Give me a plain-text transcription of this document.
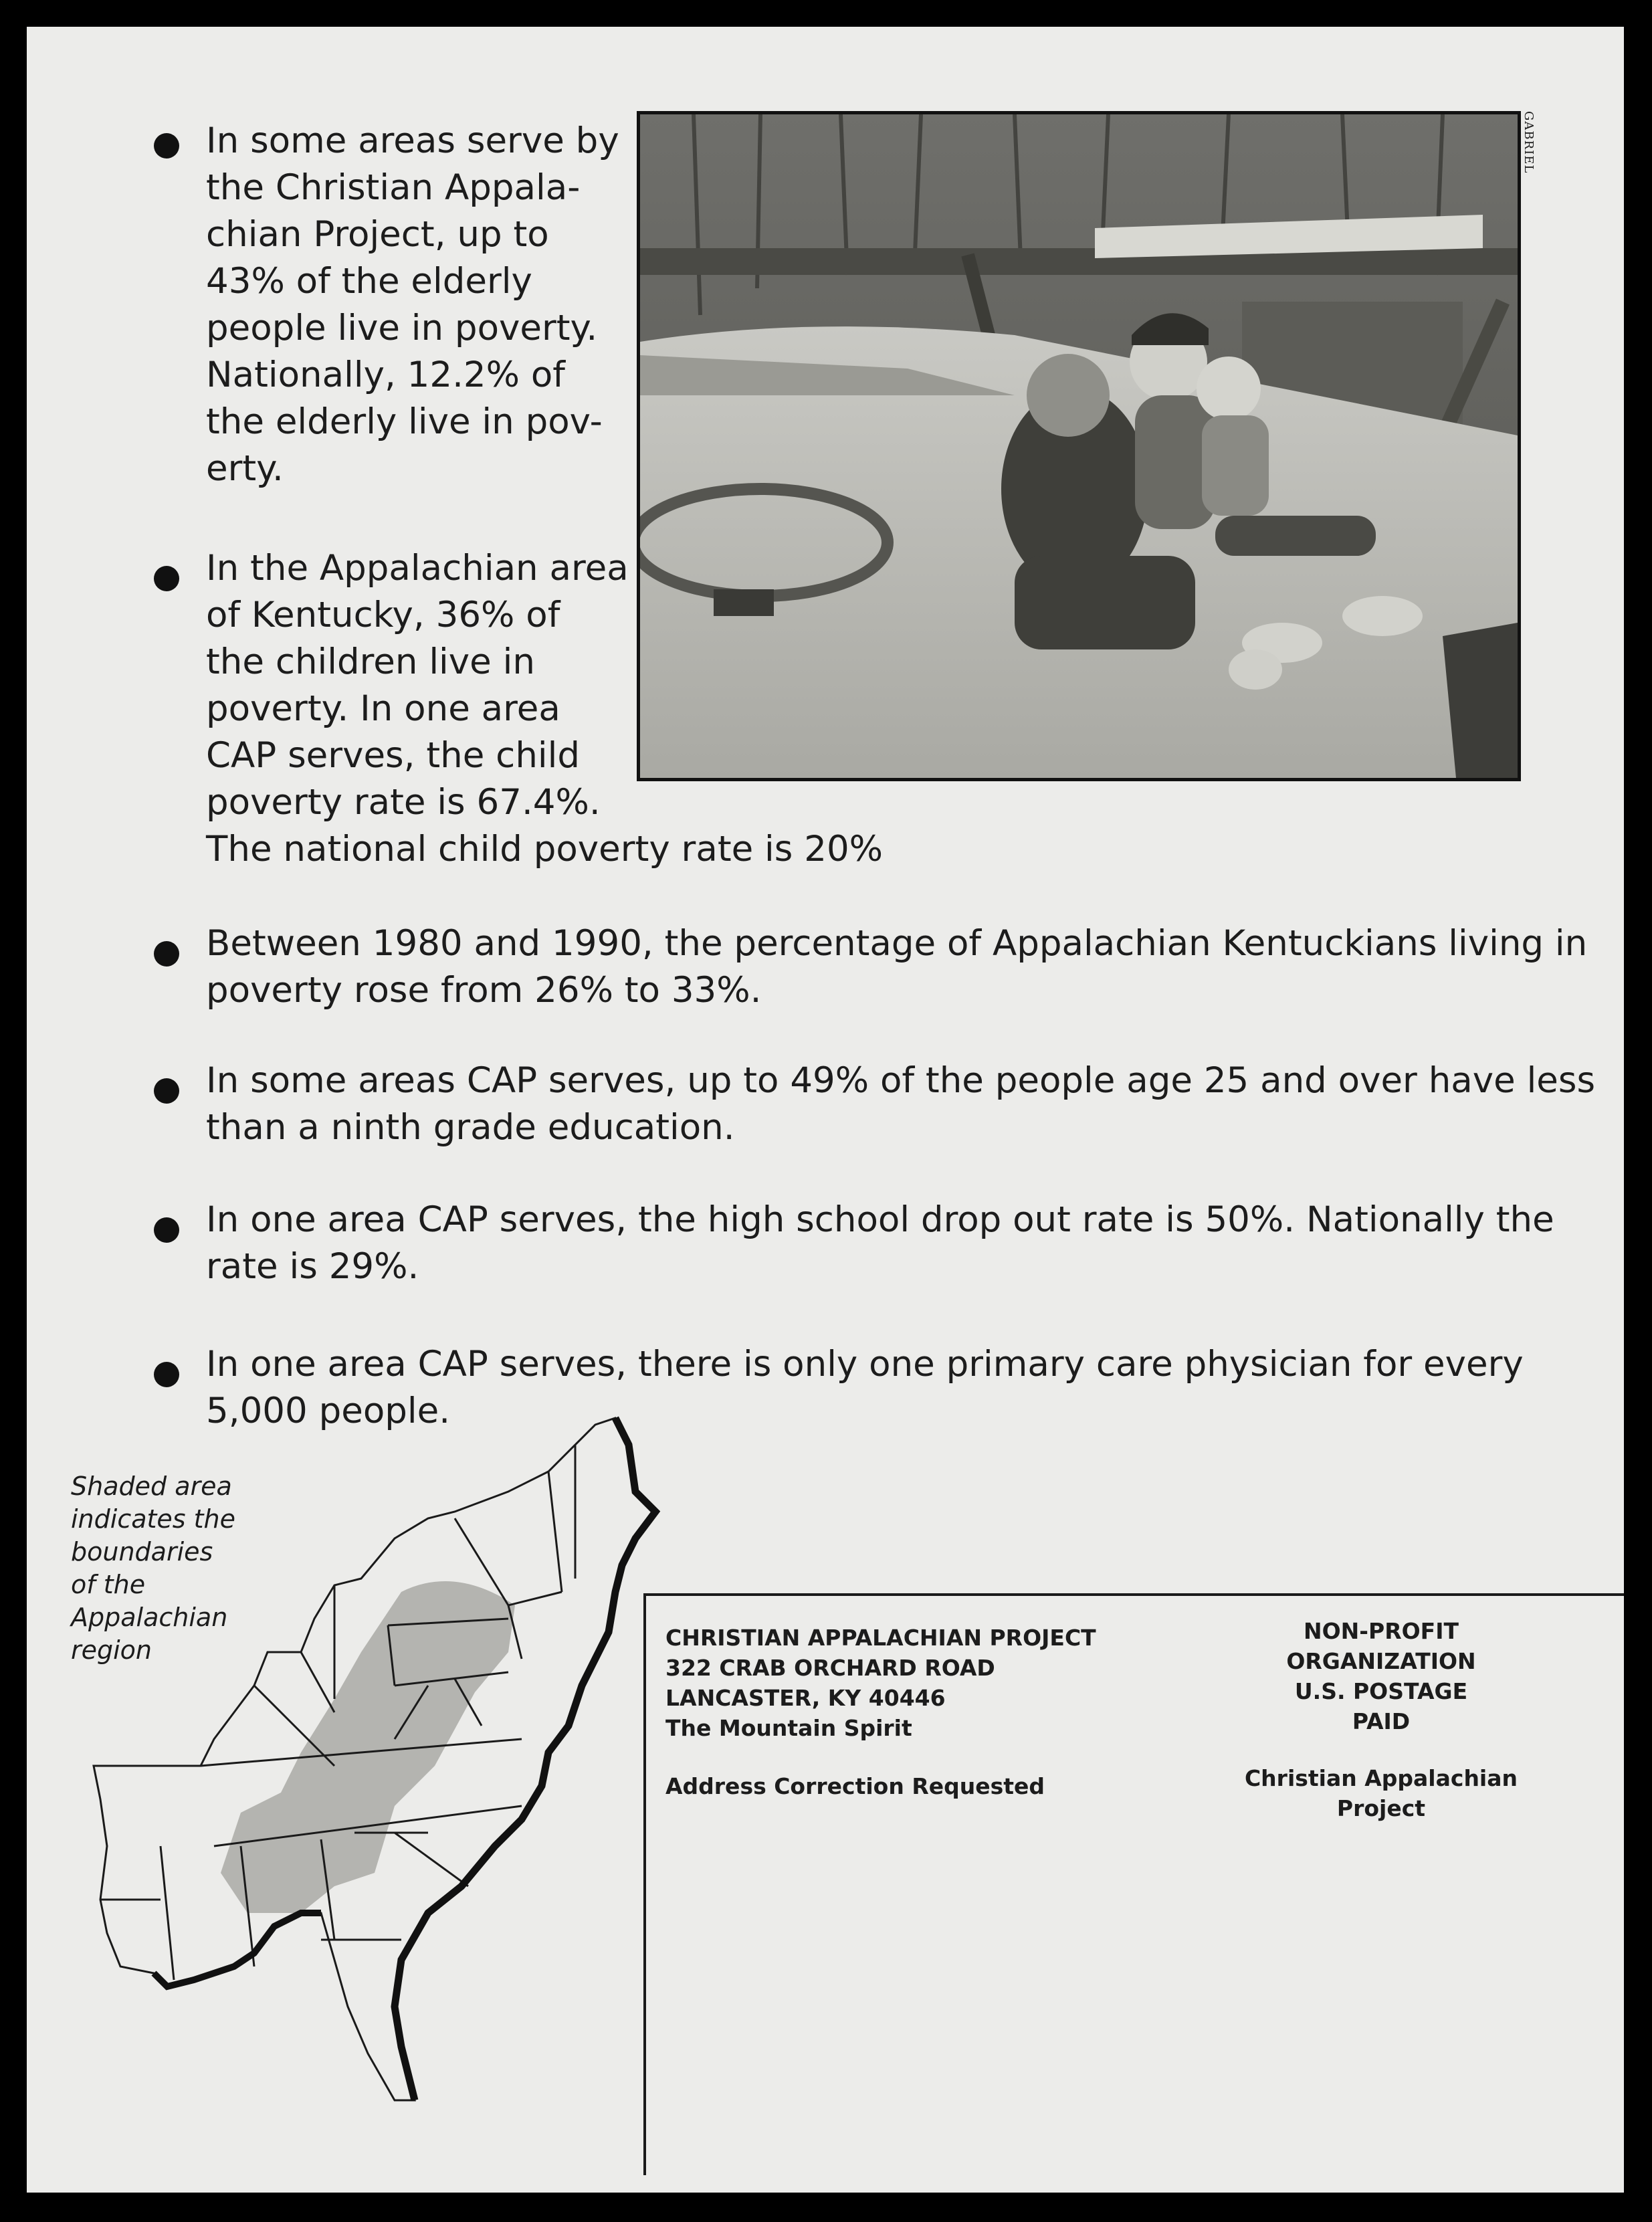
In some areas serve by
the Christian Appala-
chian Project, up to
43% of the elderly
people live in poverty.
Nationally, 12.2% of
the elderly live in pov-
erty.
In the Appalachian area
of Kentucky, 36% of
the children live in
poverty. In one area
CAP serves, the child
poverty rate is 67.4%.
The national child poverty rate is 20%
GABRIEL
Between 1980 and 1990, the percentage of Appalachian Kentuckians living in
poverty rose from 26% to 33%.
In some areas CAP serves, up to 49% of the people age 25 and over have less
than a ninth grade education.
In one area CAP serves, the high school drop out rate is 50%. Nationally the
rate is 29%.
In one area CAP serves, there is only one primary care physician for every
5,000 people.
Shaded area
indicates the
boundaries
of the
Appalachian
region	CHRISTIAN APPALACHIAN PROJECT
322 CRAB ORCHARD ROAD
LANCASTER, KY 40446
The Mountain Spirit
Address Correction Requested
NON-PROFIT ORGANIZATION
U.S. POSTAGE
PAID
Christian Appalachian Project
